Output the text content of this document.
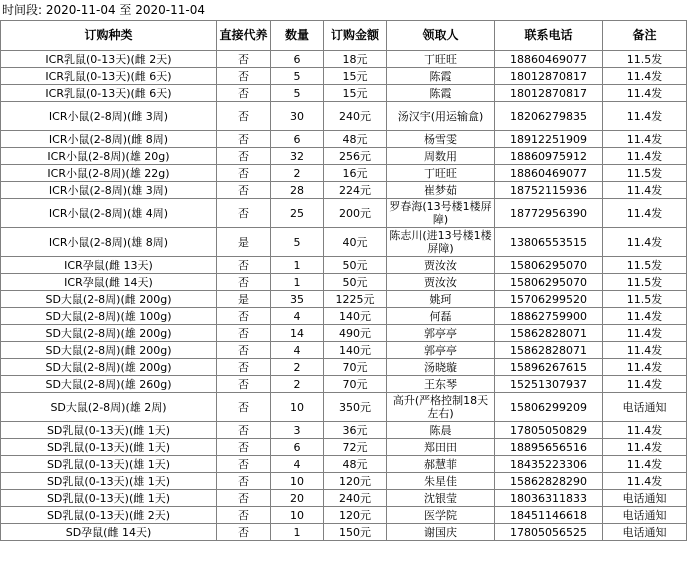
时间段: 2020-11-04 至 2020-11-04
订购种类	直接代养	数量	订购金额	领取人	联系电话	备注
ICR乳鼠(0-13天)(雌 2天)	否	6	18元	丁旺旺	18860469077	11.5发
ICR乳鼠(0-13天)(雌 6天)	否	5	15元	陈霞	18012870817	11.4发
ICR乳鼠(0-13天)(雌 6天)	否	5	15元	陈霞	18012870817	11.4发
ICR小鼠(2-8周)(雌 3周)	否	30	240元	汤汉宇(用运输盒)	18206279835	11.4发
ICR小鼠(2-8周)(雌 8周)	否	6	48元	杨雪雯	18912251909	11.4发
ICR小鼠(2-8周)(雄 20g)	否	32	256元	周数用	18860975912	11.4发
ICR小鼠(2-8周)(雄 22g)	否	2	16元	丁旺旺	18860469077	11.5发
ICR小鼠(2-8周)(雄 3周)	否	28	224元	崔梦茹	18752115936	11.4发
ICR小鼠(2-8周)(雄 4周)	否	25	200元	罗春海(13号楼1楼屏障)	18772956390	11.4发
ICR小鼠(2-8周)(雄 8周)	是	5	40元	陈志川(进13号楼1楼屏障)	13806553515	11.4发
ICR孕鼠(雌 13天)	否	1	50元	贾汝汝	15806295070	11.5发
ICR孕鼠(雌 14天)	否	1	50元	贾汝汝	15806295070	11.5发
SD大鼠(2-8周)(雌 200g)	是	35	1225元	姚珂	15706299520	11.5发
SD大鼠(2-8周)(雄 100g)	否	4	140元	何磊	18862759900	11.4发
SD大鼠(2-8周)(雄 200g)	否	14	490元	郭亭亭	15862828071	11.4发
SD大鼠(2-8周)(雌 200g)	否	4	140元	郭亭亭	15862828071	11.4发
SD大鼠(2-8周)(雄 200g)	否	2	70元	汤晓璇	15896267615	11.4发
SD大鼠(2-8周)(雄 260g)	否	2	70元	王东琴	15251307937	11.4发
SD大鼠(2-8周)(雄 2周)	否	10	350元	高升(严格控制18天左右)	15806299209	电话通知
SD乳鼠(0-13天)(雌 1天)	否	3	36元	陈晨	17805050829	11.4发
SD乳鼠(0-13天)(雌 1天)	否	6	72元	郑田田	18895656516	11.4发
SD乳鼠(0-13天)(雄 1天)	否	4	48元	郝慧菲	18435223306	11.4发
SD乳鼠(0-13天)(雄 1天)	否	10	120元	朱星佳	15862828290	11.4发
SD乳鼠(0-13天)(雌 1天)	否	20	240元	沈银莹	18036311833	电话通知
SD乳鼠(0-13天)(雌 2天)	否	10	120元	医学院	18451146618	电话通知
SD孕鼠(雌 14天)	否	1	150元	谢国庆	17805056525	电话通知
